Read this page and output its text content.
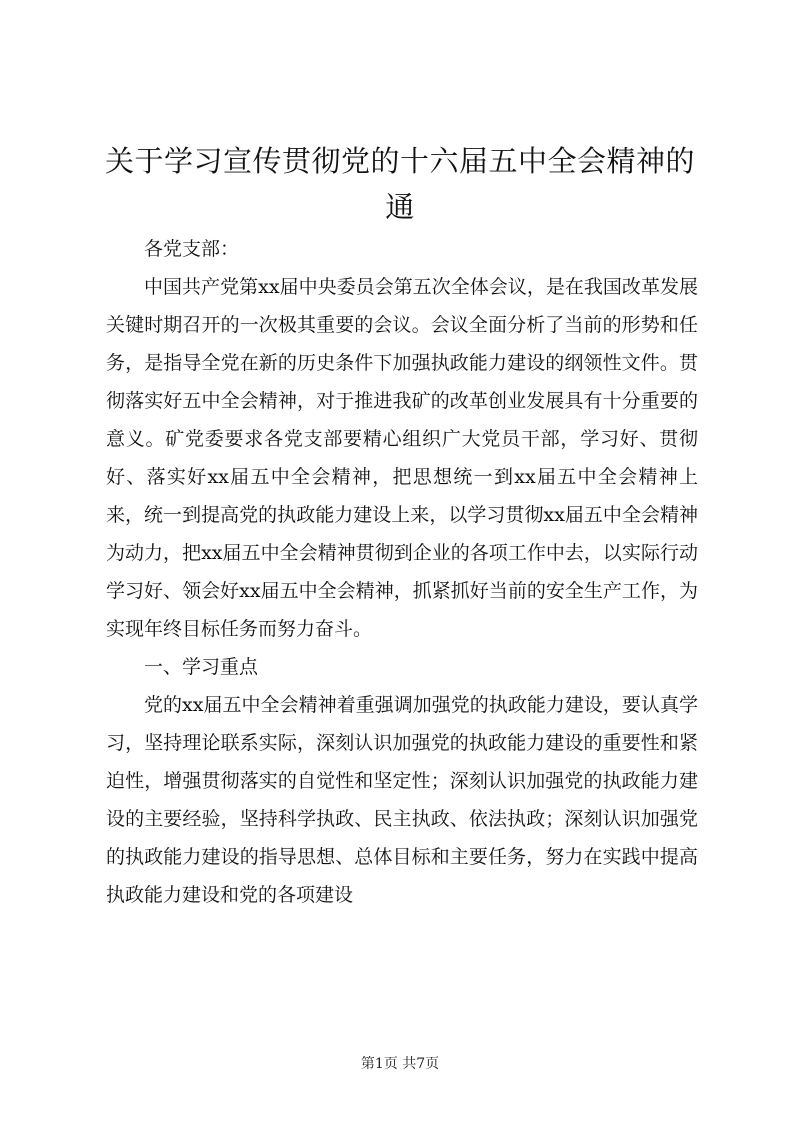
关于学习宣传贯彻党的十六届五中全会精神的通

各党支部：

中国共产党第xx届中央委员会第五次全体会议，是在我国改革发展关键时期召开的一次极其重要的会议。会议全面分析了当前的形势和任务，是指导全党在新的历史条件下加强执政能力建设的纲领性文件。贯彻落实好五中全会精神，对于推进我矿的改革创业发展具有十分重要的意义。矿党委要求各党支部要精心组织广大党员干部，学习好、贯彻好、落实好xx届五中全会精神，把思想统一到xx届五中全会精神上来，统一到提高党的执政能力建设上来，以学习贯彻xx届五中全会精神为动力，把xx届五中全会精神贯彻到企业的各项工作中去，以实际行动学习好、领会好xx届五中全会精神，抓紧抓好当前的安全生产工作，为实现年终目标任务而努力奋斗。

一、学习重点

党的xx届五中全会精神着重强调加强党的执政能力建设，要认真学习，坚持理论联系实际，深刻认识加强党的执政能力建设的重要性和紧迫性，增强贯彻落实的自觉性和坚定性；深刻认识加强党的执政能力建设的主要经验，坚持科学执政、民主执政、依法执政；深刻认识加强党的执政能力建设的指导思想、总体目标和主要任务，努力在实践中提高执政能力建设和党的各项建设

第1页 共7页
